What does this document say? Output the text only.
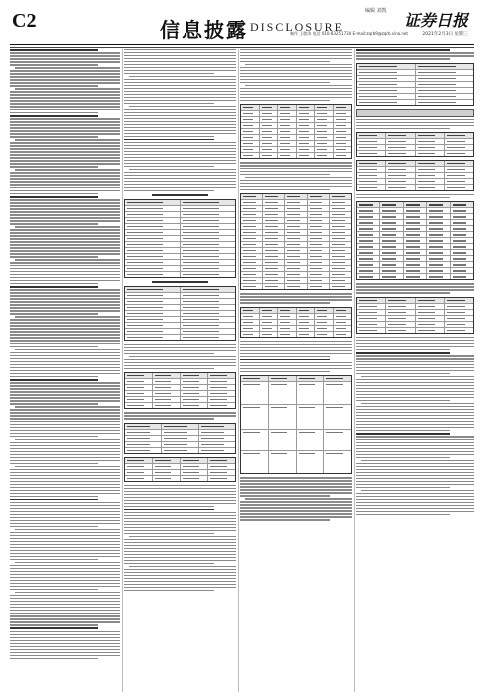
C2	信息披露 DISCLOSURE
编辑 刘凯 证券日报
制作 王敬涛 电话 010-83251730 E-mail:zqrb9@zqrb.sina.net	2021年2月3日 星期三
